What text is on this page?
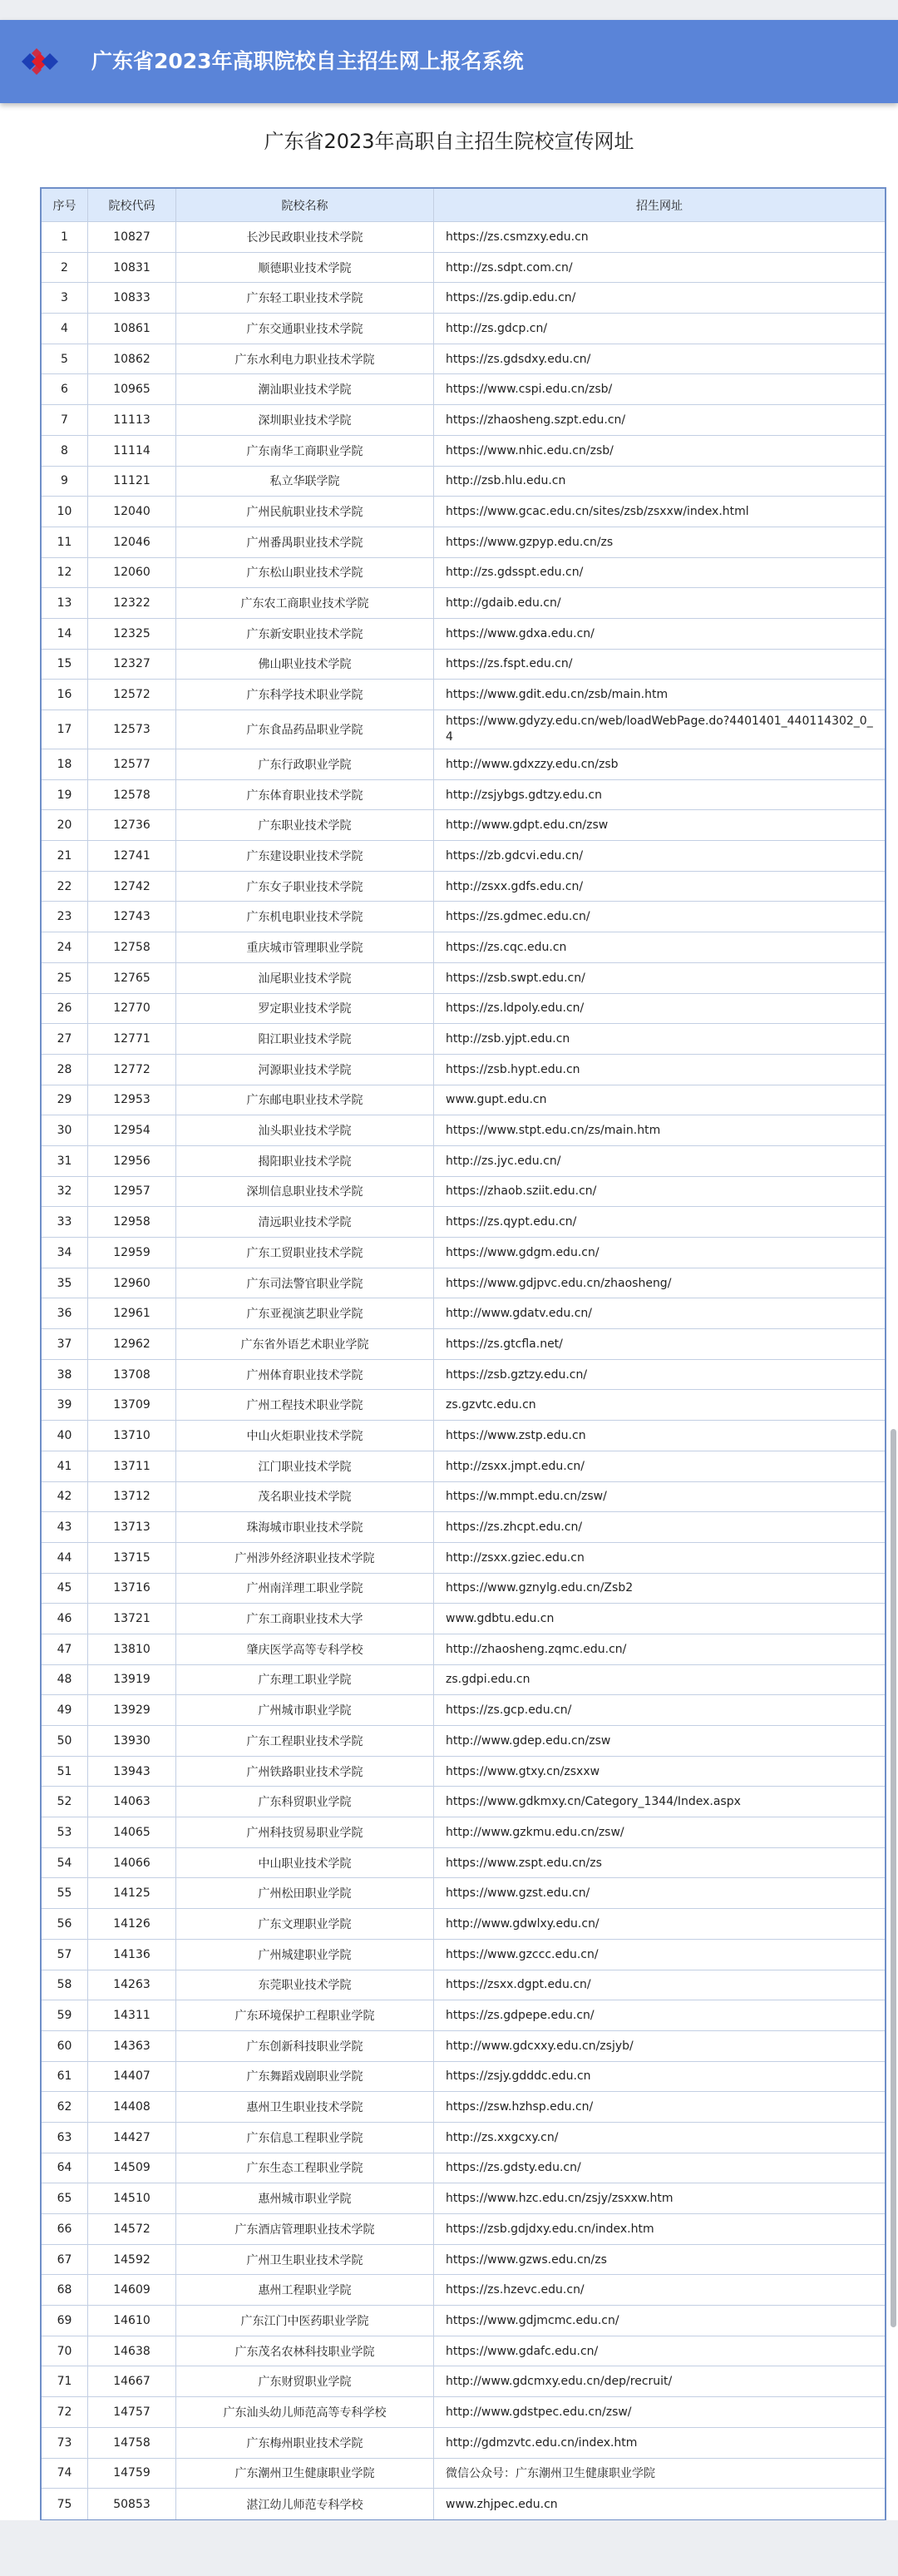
广东省2023年高职院校自主招生网上报名系统
广东省2023年高职自主招生院校宣传网址
序号	院校代码	院校名称	招生网址
1	10827	长沙民政职业技术学院	https://zs.csmzxy.edu.cn
2	10831	顺德职业技术学院	http://zs.sdpt.com.cn/
3	10833	广东轻工职业技术学院	https://zs.gdip.edu.cn/
4	10861	广东交通职业技术学院	http://zs.gdcp.cn/
5	10862	广东水利电力职业技术学院	https://zs.gdsdxy.edu.cn/
6	10965	潮汕职业技术学院	https://www.cspi.edu.cn/zsb/
7	11113	深圳职业技术学院	https://zhaosheng.szpt.edu.cn/
8	11114	广东南华工商职业学院	https://www.nhic.edu.cn/zsb/
9	11121	私立华联学院	http://zsb.hlu.edu.cn
10	12040	广州民航职业技术学院	https://www.gcac.edu.cn/sites/zsb/zsxxw/index.html
11	12046	广州番禺职业技术学院	https://www.gzpyp.edu.cn/zs
12	12060	广东松山职业技术学院	http://zs.gdsspt.edu.cn/
13	12322	广东农工商职业技术学院	http://gdaib.edu.cn/
14	12325	广东新安职业技术学院	https://www.gdxa.edu.cn/
15	12327	佛山职业技术学院	https://zs.fspt.edu.cn/
16	12572	广东科学技术职业学院	https://www.gdit.edu.cn/zsb/main.htm
17	12573	广东食品药品职业学院
https://www.gdyzy.edu.cn/web/loadWebPage.do?4401401_440114302_0_4
18	12577	广东行政职业学院	http://www.gdxzzy.edu.cn/zsb
19	12578	广东体育职业技术学院	http://zsjybgs.gdtzy.edu.cn
20	12736	广东职业技术学院	http://www.gdpt.edu.cn/zsw
21	12741	广东建设职业技术学院	https://zb.gdcvi.edu.cn/
22	12742	广东女子职业技术学院	http://zsxx.gdfs.edu.cn/
23	12743	广东机电职业技术学院	https://zs.gdmec.edu.cn/
24	12758	重庆城市管理职业学院	https://zs.cqc.edu.cn
25	12765	汕尾职业技术学院	https://zsb.swpt.edu.cn/
26	12770	罗定职业技术学院	https://zs.ldpoly.edu.cn/
27	12771	阳江职业技术学院	http://zsb.yjpt.edu.cn
28	12772	河源职业技术学院	https://zsb.hypt.edu.cn
29	12953	广东邮电职业技术学院	www.gupt.edu.cn
30	12954	汕头职业技术学院	https://www.stpt.edu.cn/zs/main.htm
31	12956	揭阳职业技术学院	http://zs.jyc.edu.cn/
32	12957	深圳信息职业技术学院	https://zhaob.sziit.edu.cn/
33	12958	清远职业技术学院	https://zs.qypt.edu.cn/
34	12959	广东工贸职业技术学院	https://www.gdgm.edu.cn/
35	12960	广东司法警官职业学院	https://www.gdjpvc.edu.cn/zhaosheng/
36	12961	广东亚视演艺职业学院	http://www.gdatv.edu.cn/
37	12962	广东省外语艺术职业学院	https://zs.gtcfla.net/
38	13708	广州体育职业技术学院	https://zsb.gztzy.edu.cn/
39	13709	广州工程技术职业学院	zs.gzvtc.edu.cn
40	13710	中山火炬职业技术学院	https://www.zstp.edu.cn
41	13711	江门职业技术学院	http://zsxx.jmpt.edu.cn/
42	13712	茂名职业技术学院	https://w.mmpt.edu.cn/zsw/
43	13713	珠海城市职业技术学院	https://zs.zhcpt.edu.cn/
44	13715	广州涉外经济职业技术学院	http://zsxx.gziec.edu.cn
45	13716	广州南洋理工职业学院	https://www.gznylg.edu.cn/Zsb2
46	13721	广东工商职业技术大学	www.gdbtu.edu.cn
47	13810	肇庆医学高等专科学校	http://zhaosheng.zqmc.edu.cn/
48	13919	广东理工职业学院	zs.gdpi.edu.cn
49	13929	广州城市职业学院	https://zs.gcp.edu.cn/
50	13930	广东工程职业技术学院	http://www.gdep.edu.cn/zsw
51	13943	广州铁路职业技术学院	https://www.gtxy.cn/zsxxw
52	14063	广东科贸职业学院	https://www.gdkmxy.cn/Category_1344/Index.aspx
53	14065	广州科技贸易职业学院	http://www.gzkmu.edu.cn/zsw/
54	14066	中山职业技术学院	https://www.zspt.edu.cn/zs
55	14125	广州松田职业学院	https://www.gzst.edu.cn/
56	14126	广东文理职业学院	http://www.gdwlxy.edu.cn/
57	14136	广州城建职业学院	https://www.gzccc.edu.cn/
58	14263	东莞职业技术学院	https://zsxx.dgpt.edu.cn/
59	14311	广东环境保护工程职业学院	https://zs.gdpepe.edu.cn/
60	14363	广东创新科技职业学院	http://www.gdcxxy.edu.cn/zsjyb/
61	14407	广东舞蹈戏剧职业学院	https://zsjy.gdddc.edu.cn
62	14408	惠州卫生职业技术学院	https://zsw.hzhsp.edu.cn/
63	14427	广东信息工程职业学院	http://zs.xxgcxy.cn/
64	14509	广东生态工程职业学院	https://zs.gdsty.edu.cn/
65	14510	惠州城市职业学院	https://www.hzc.edu.cn/zsjy/zsxxw.htm
66	14572	广东酒店管理职业技术学院	https://zsb.gdjdxy.edu.cn/index.htm
67	14592	广州卫生职业技术学院	https://www.gzws.edu.cn/zs
68	14609	惠州工程职业学院	https://zs.hzevc.edu.cn/
69	14610	广东江门中医药职业学院	https://www.gdjmcmc.edu.cn/
70	14638	广东茂名农林科技职业学院	https://www.gdafc.edu.cn/
71	14667	广东财贸职业学院	http://www.gdcmxy.edu.cn/dep/recruit/
72	14757	广东汕头幼儿师范高等专科学校	http://www.gdstpec.edu.cn/zsw/
73	14758	广东梅州职业技术学院	http://gdmzvtc.edu.cn/index.htm
74	14759	广东潮州卫生健康职业学院	微信公众号：广东潮州卫生健康职业学院
75	50853	湛江幼儿师范专科学校	www.zhjpec.edu.cn
